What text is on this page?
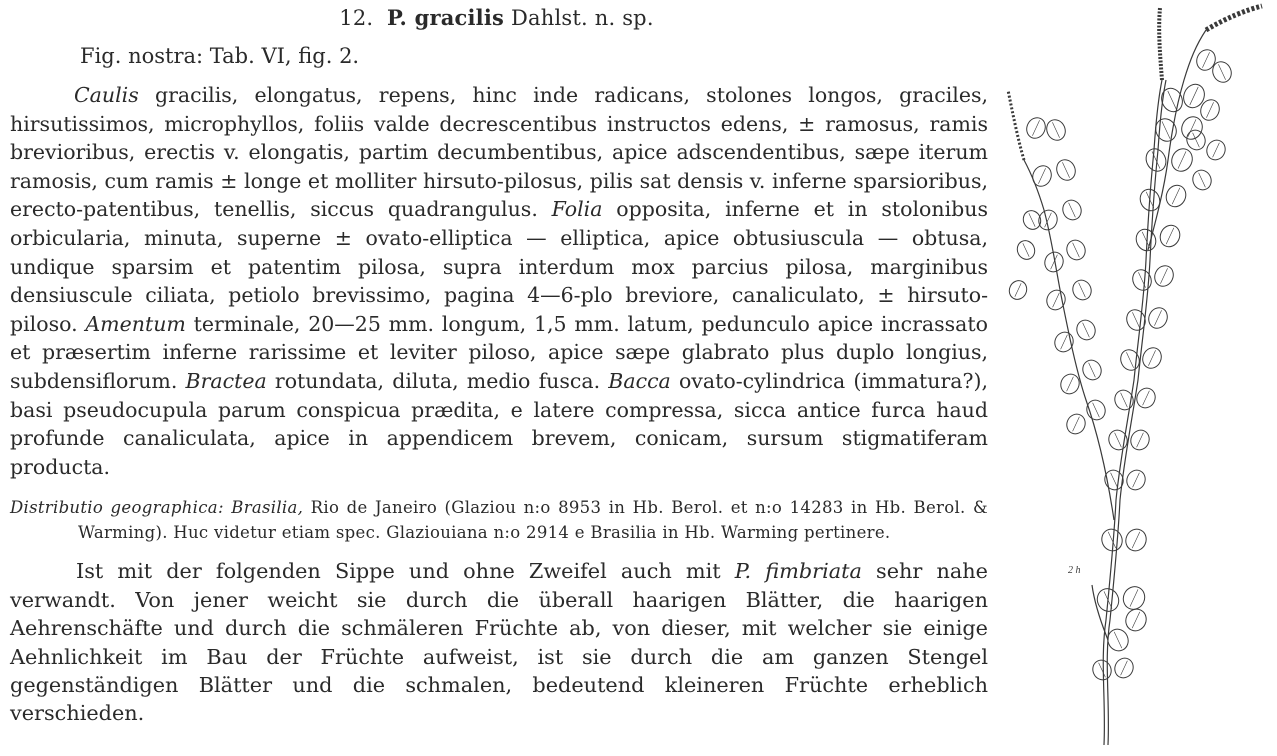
12. P. gracilis Dahlst. n. sp.
Fig. nostra: Tab. VI, fig. 2.

Caulis gracilis, elongatus, repens, hinc inde radicans, stolones longos, graciles, hirsutissimos, microphyllos, foliis valde decrescentibus instructos edens, ± ramosus, ramis brevioribus, erectis v. elongatis, partim decumbentibus, apice adscendentibus, sæpe iterum ramosis, cum ramis ± longe et molliter hirsuto-pilosus, pilis sat densis v. inferne sparsioribus, erecto-patentibus, tenellis, siccus quadrangulus. Folia opposita, inferne et in stolonibus orbicularia, minuta, superne ± ovato-elliptica — elliptica, apice obtusiuscula — obtusa, undique sparsim et patentim pilosa, supra interdum mox parcius pilosa, marginibus densiuscule ciliata, petiolo brevissimo, pagina 4—6-plo breviore, canaliculato, ± hirsuto-piloso. Amentum terminale, 20—25 mm. longum, 1,5 mm. latum, pedunculo apice incrassato et præsertim inferne rarissime et leviter piloso, apice sæpe glabrato plus duplo longius, subdensiflorum. Bractea rotundata, diluta, medio fusca. Bacca ovato-cylindrica (immatura?), basi pseudocupula parum conspicua prædita, e latere compressa, sicca antice furca haud profunde canaliculata, apice in appendicem brevem, conicam, sursum stigmatiferam producta.

Distributio geographica: Brasilia, Rio de Janeiro (Glaziou n:o 8953 in Hb. Berol. et n:o 14283 in Hb. Berol. & Warming). Huc videtur etiam spec. Glaziouiana n:o 2914 e Brasilia in Hb. Warming pertinere.

Ist mit der folgenden Sippe und ohne Zweifel auch mit P. fimbriata sehr nahe verwandt. Von jener weicht sie durch die überall haarigen Blätter, die haarigen Aehrenschäfte und durch die schmäleren Früchte ab, von dieser, mit welcher sie einige Aehnlichkeit im Bau der Früchte aufweist, ist sie durch die am ganzen Stengel gegenständigen Blätter und die schmalen, bedeutend kleineren Früchte erheblich verschieden.

2 h
